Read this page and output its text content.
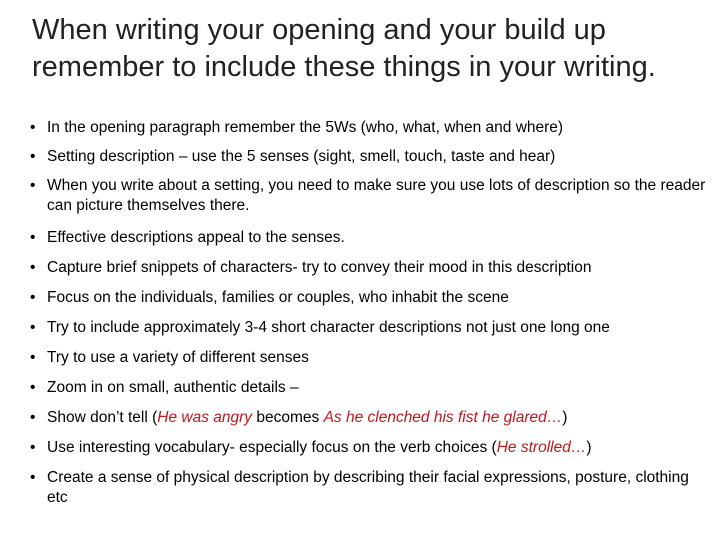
When writing your opening and your build up
remember to include these things in your writing.
• In the opening paragraph remember the 5Ws (who, what, when and where)
• Setting description – use the 5 senses (sight, smell, touch, taste and hear)
• When you write about a setting, you need to make sure you use lots of description so the reader can picture themselves there.
• Effective descriptions appeal to the senses.
• Capture brief snippets of characters- try to convey their mood in this description
• Focus on the individuals, families or couples, who inhabit the scene
• Try to include approximately 3-4 short character descriptions not just one long one
• Try to use a variety of different senses
• Zoom in on small, authentic details –
• Show don’t tell (He was angry becomes As he clenched his fist he glared…)
• Use interesting vocabulary- especially focus on the verb choices (He strolled…)
• Create a sense of physical description by describing their facial expressions, posture, clothing etc
